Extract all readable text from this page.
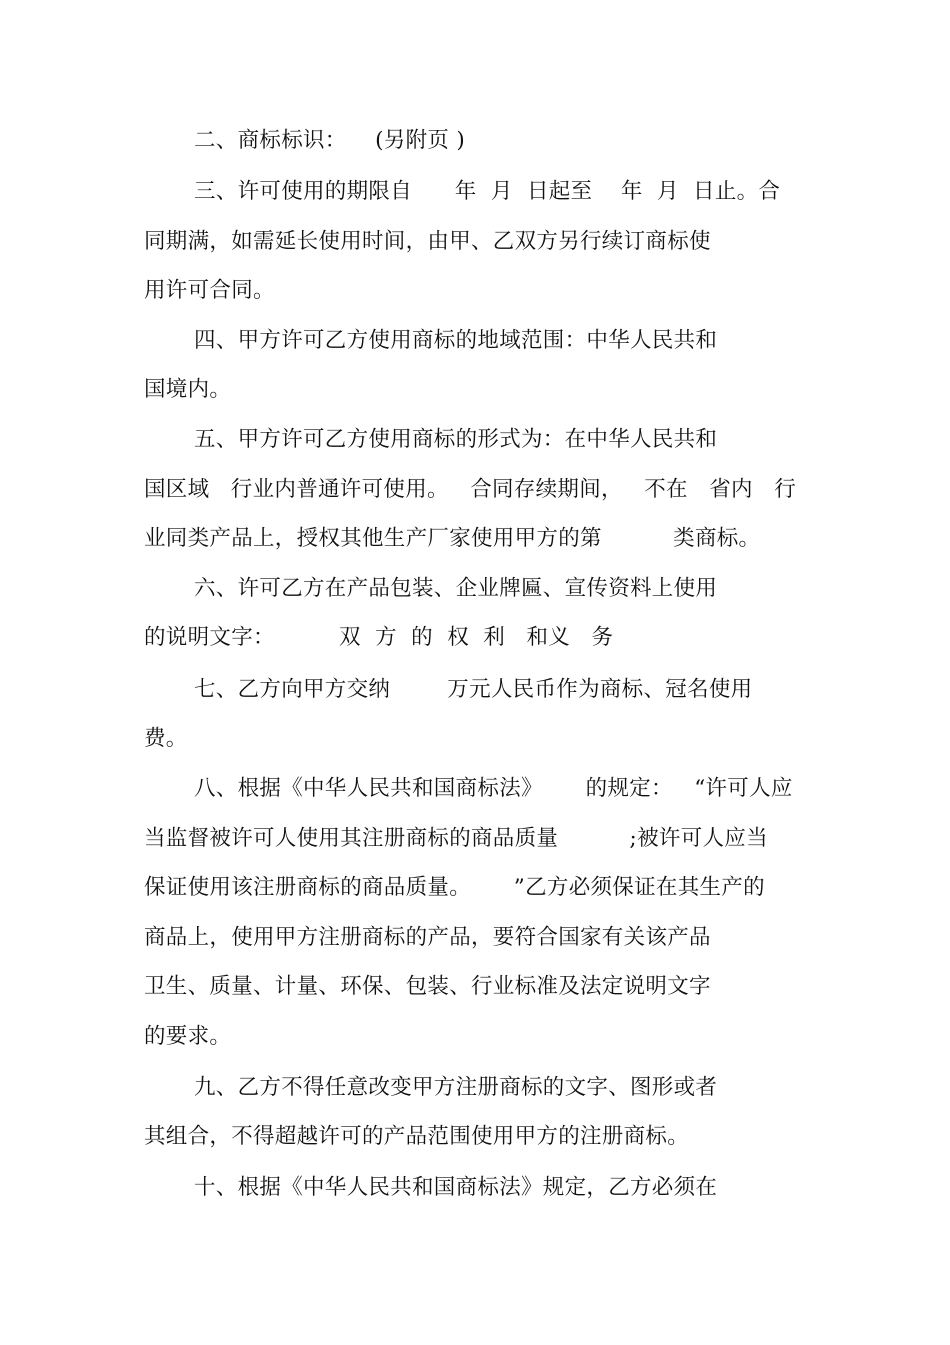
二、商标标识：    (另附页 )
三、许可使用的期限自      年  月  日起至    年  月  日止。合
同期满，如需延长使用时间，由甲、乙双方另行续订商标使
用许可合同。
四、甲方许可乙方使用商标的地域范围：中华人民共和
国境内。
五、甲方许可乙方使用商标的形式为：在中华人民共和
国区域   行业内普通许可使用。   合同存续期间，   不在   省内   行
业同类产品上，授权其他生产厂家使用甲方的第          类商标。
六、许可乙方在产品包装、企业牌匾、宣传资料上使用
的说明文字：         双  方  的  权  利   和义   务
七、乙方向甲方交纳        万元人民币作为商标、冠名使用
费。
八、根据《中华人民共和国商标法》      的规定：   “许可人应
当监督被许可人使用其注册商标的商品质量          ;被许可人应当
保证使用该注册商标的商品质量。      ”乙方必须保证在其生产的
商品上，使用甲方注册商标的产品，要符合国家有关该产品
卫生、质量、计量、环保、包装、行业标准及法定说明文字
的要求。
九、乙方不得任意改变甲方注册商标的文字、图形或者
其组合，不得超越许可的产品范围使用甲方的注册商标。
十、根据《中华人民共和国商标法》规定，乙方必须在
